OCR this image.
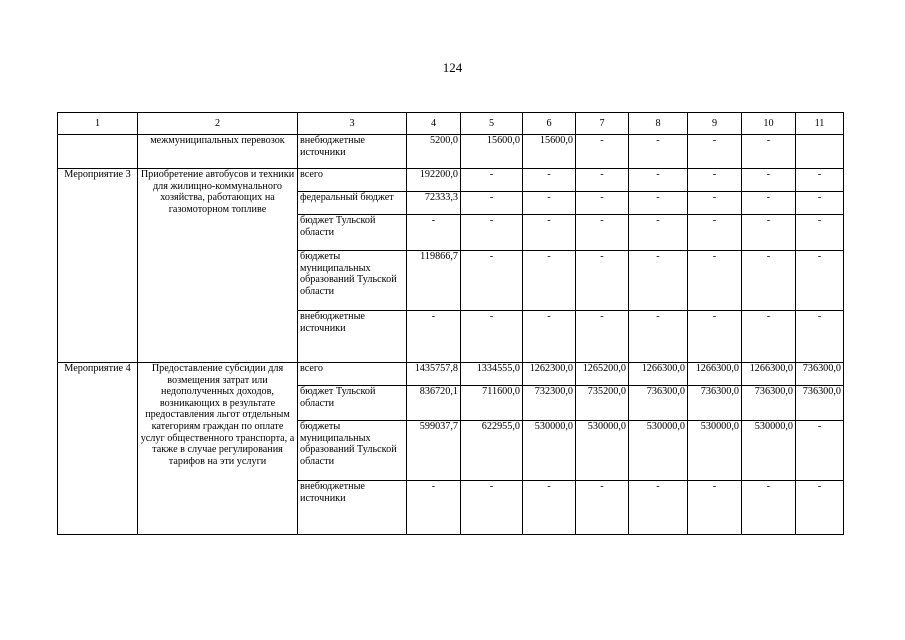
124
1	2	3	4	5	6	7	8	9	10	11
	межмуниципальных перевозок	внебюджетные источники	5200,0	15600,0	15600,0	-	-	-	-	
Мероприятие 3	Приобретение автобусов и техники для жилищно-коммунального хозяйства, работающих на газомоторном топливе	всего	192200,0	-	-	-	-	-	-	-
		федеральный бюджет	72333,3	-	-	-	-	-	-	-
		бюджет Тульской области	-	-	-	-	-	-	-	-
		бюджеты муниципальных образований Тульской области	119866,7	-	-	-	-	-	-	-
		внебюджетные источники	-	-	-	-	-	-	-	-
Мероприятие 4	Предоставление субсидии для возмещения затрат или недополученных доходов, возникающих в результате предоставления льгот отдельным категориям граждан по оплате услуг общественного транспорта, а также в случае регулирования тарифов на эти услуги	всего	1435757,8	1334555,0	1262300,0	1265200,0	1266300,0	1266300,0	1266300,0	736300,0
		бюджет Тульской области	836720,1	711600,0	732300,0	735200,0	736300,0	736300,0	736300,0	736300,0
		бюджеты муниципальных образований Тульской области	599037,7	622955,0	530000,0	530000,0	530000,0	530000,0	530000,0	-
		внебюджетные источники	-	-	-	-	-	-	-	-
